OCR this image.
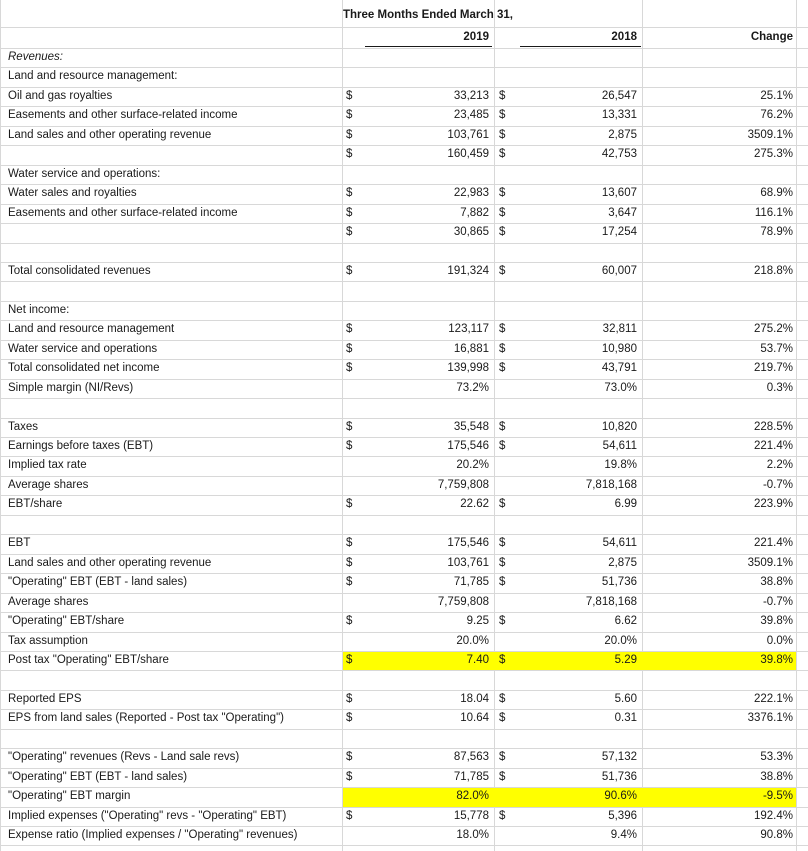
Three Months Ended March 31,
2019	2018	Change
Revenues:
Land and resource management:
Oil and gas royalties	$	33,213 $	26,547	25.1%
Easements and other surface-related income	$	23,485 $	13,331	76.2%
Land sales and other operating revenue	$	103,761 $	2,875	3509.1%
$	160,459 $	42,753	275.3%
Water service and operations:
Water sales and royalties	$	22,983 $	13,607	68.9%
Easements and other surface-related income	$	7,882 $	3,647	116.1%
$	30,865 $	17,254	78.9%
Total consolidated revenues	$	191,324 $	60,007	218.8%
Net income:
Land and resource management	$	123,117 $	32,811	275.2%
Water service and operations	$	16,881 $	10,980	53.7%
Total consolidated net income	$	139,998 $	43,791	219.7%
Simple margin (NI/Revs)	73.2%	73.0%	0.3%
Taxes	$	35,548 $	10,820	228.5%
Earnings before taxes (EBT)	$	175,546 $	54,611	221.4%
Implied tax rate	20.2%	19.8%	2.2%
Average shares	7,759,808	7,818,168	-0.7%
EBT/share	$	22.62 $	6.99	223.9%
EBT	$	175,546 $	54,611	221.4%
Land sales and other operating revenue	$	103,761 $	2,875	3509.1%
"Operating" EBT (EBT - land sales)	$	71,785 $	51,736	38.8%
Average shares	7,759,808	7,818,168	-0.7%
"Operating" EBT/share	$	9.25 $	6.62	39.8%
Tax assumption	20.0%	20.0%	0.0%
Post tax "Operating" EBT/share	$	7.40 $	5.29	39.8%
Reported EPS	$	18.04 $	5.60	222.1%
EPS from land sales (Reported - Post tax "Operating")	$	10.64 $	0.31	3376.1%
"Operating" revenues (Revs - Land sale revs)	$	87,563 $	57,132	53.3%
"Operating" EBT (EBT - land sales)	$	71,785 $	51,736	38.8%
"Operating" EBT margin	82.0%	90.6%	-9.5%
Implied expenses ("Operating" revs - "Operating" EBT)	$	15,778 $	5,396	192.4%
Expense ratio (Implied expenses / "Operating" revenues)	18.0%	9.4%	90.8%
